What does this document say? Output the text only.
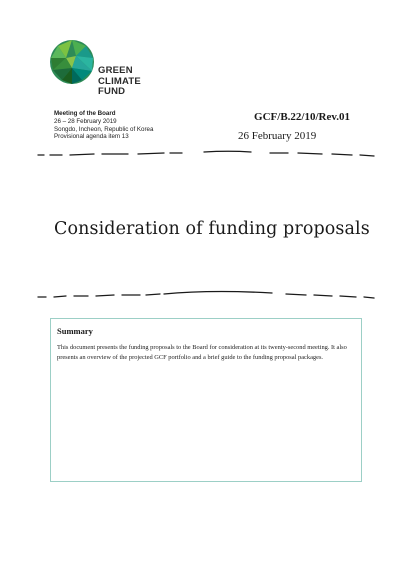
GREEN
CLIMATE
FUND
Meeting of the Board
26 – 28 February 2019
Songdo, Incheon, Republic of Korea
Provisional agenda item 13
GCF/B.22/10/Rev.01
26 February 2019
Consideration of funding proposals
Summary
This document presents the funding proposals to the Board for consideration at its twenty-second meeting. It also presents an overview of the projected GCF portfolio and a brief guide to the funding proposal packages.
